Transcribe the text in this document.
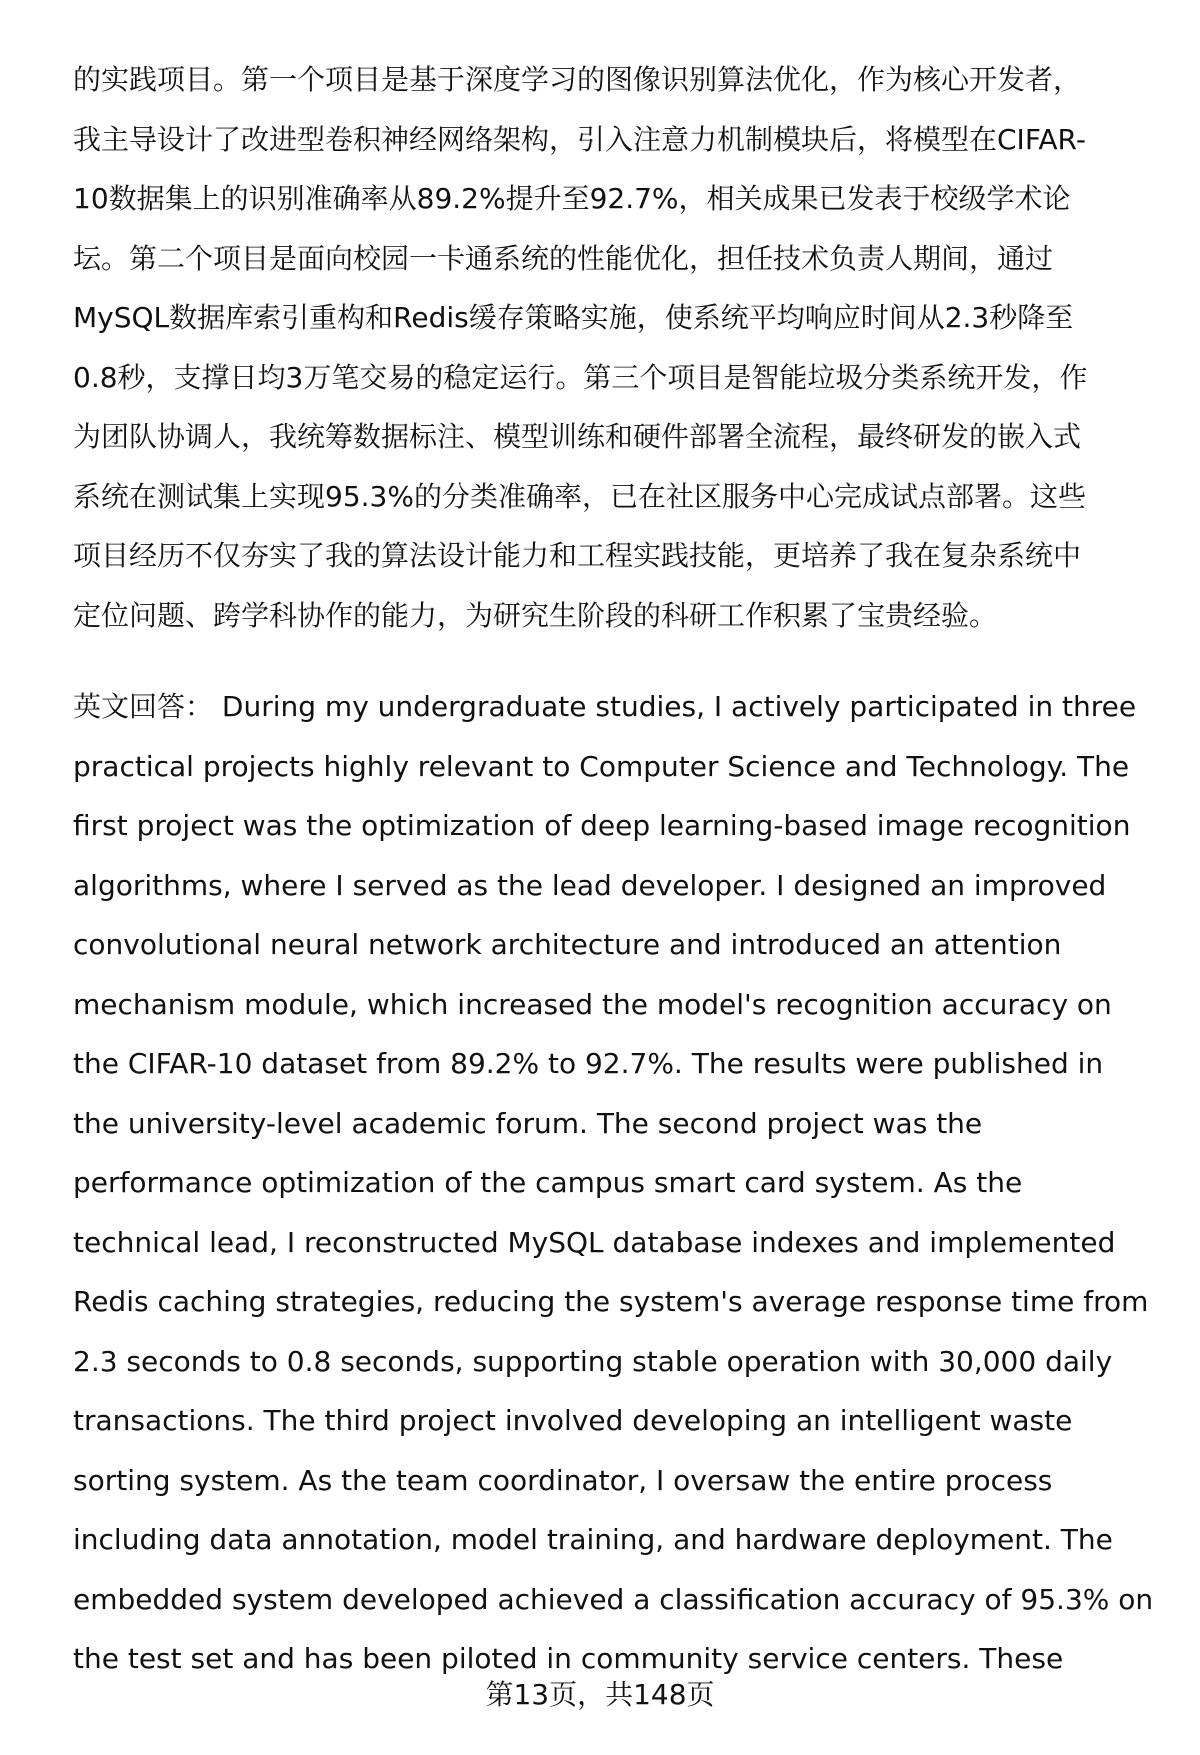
的实践项目。第一个项目是基于深度学习的图像识别算法优化，作为核心开发者，
我主导设计了改进型卷积神经网络架构，引入注意力机制模块后，将模型在CIFAR-
10数据集上的识别准确率从89.2%提升至92.7%，相关成果已发表于校级学术论
坛。第二个项目是面向校园一卡通系统的性能优化，担任技术负责人期间，通过
MySQL数据库索引重构和Redis缓存策略实施，使系统平均响应时间从2.3秒降至
0.8秒，支撑日均3万笔交易的稳定运行。第三个项目是智能垃圾分类系统开发，作
为团队协调人，我统筹数据标注、模型训练和硬件部署全流程，最终研发的嵌入式
系统在测试集上实现95.3%的分类准确率，已在社区服务中心完成试点部署。这些
项目经历不仅夯实了我的算法设计能力和工程实践技能，更培养了我在复杂系统中
定位问题、跨学科协作的能力，为研究生阶段的科研工作积累了宝贵经验。
英文回答： During my undergraduate studies, I actively participated in three
practical projects highly relevant to Computer Science and Technology. The
first project was the optimization of deep learning-based image recognition
algorithms, where I served as the lead developer. I designed an improved
convolutional neural network architecture and introduced an attention
mechanism module, which increased the model's recognition accuracy on
the CIFAR-10 dataset from 89.2% to 92.7%. The results were published in
the university-level academic forum. The second project was the
performance optimization of the campus smart card system. As the
technical lead, I reconstructed MySQL database indexes and implemented
Redis caching strategies, reducing the system's average response time from
2.3 seconds to 0.8 seconds, supporting stable operation with 30,000 daily
transactions. The third project involved developing an intelligent waste
sorting system. As the team coordinator, I oversaw the entire process
including data annotation, model training, and hardware deployment. The
embedded system developed achieved a classification accuracy of 95.3% on
the test set and has been piloted in community service centers. These
第13页，共148页
